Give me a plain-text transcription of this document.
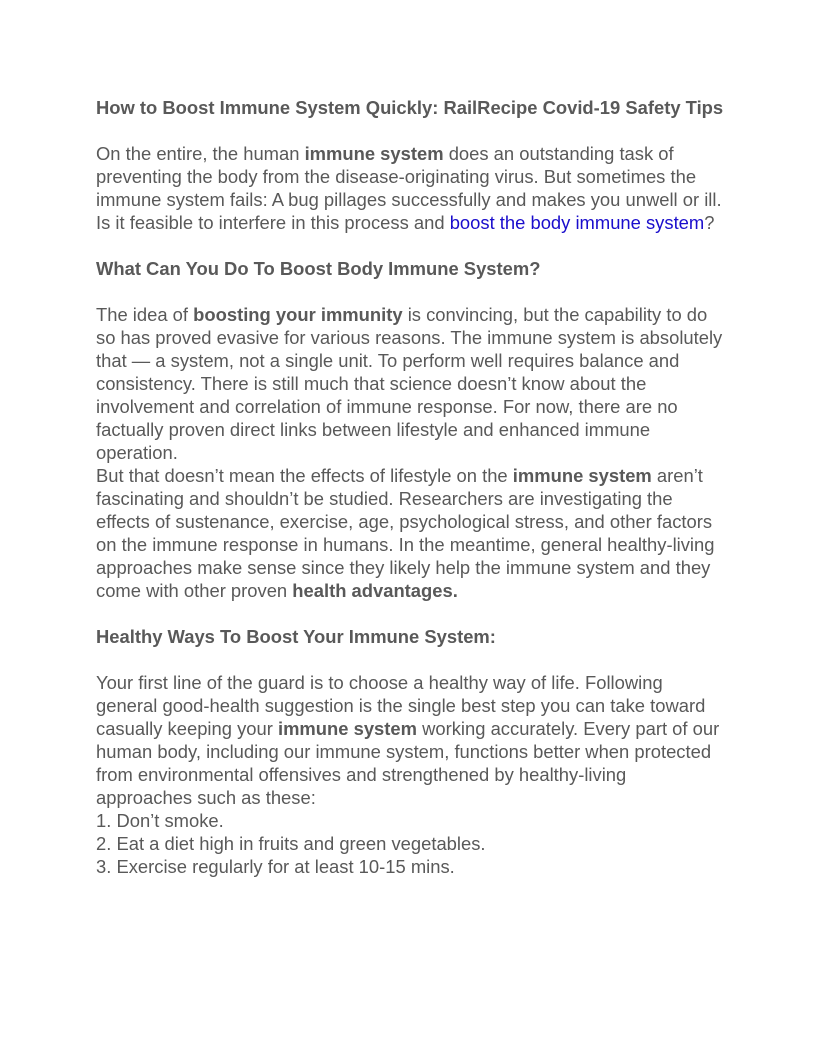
How to Boost Immune System Quickly: RailRecipe Covid-19 Safety Tips

On the entire, the human immune system does an outstanding task of preventing the body from the disease-originating virus. But sometimes the immune system fails: A bug pillages successfully and makes you unwell or ill. Is it feasible to interfere in this process and boost the body immune system?

What Can You Do To Boost Body Immune System?

The idea of boosting your immunity is convincing, but the capability to do so has proved evasive for various reasons. The immune system is absolutely that — a system, not a single unit. To perform well requires balance and consistency. There is still much that science doesn’t know about the involvement and correlation of immune response. For now, there are no factually proven direct links between lifestyle and enhanced immune operation.

But that doesn’t mean the effects of lifestyle on the immune system aren’t fascinating and shouldn’t be studied. Researchers are investigating the effects of sustenance, exercise, age, psychological stress, and other factors on the immune response in humans. In the meantime, general healthy-living approaches make sense since they likely help the immune system and they come with other proven health advantages.

Healthy Ways To Boost Your Immune System:

Your first line of the guard is to choose a healthy way of life. Following general good-health suggestion is the single best step you can take toward casually keeping your immune system working accurately. Every part of our human body, including our immune system, functions better when protected from environmental offensives and strengthened by healthy-living approaches such as these:

1. Don’t smoke.

2. Eat a diet high in fruits and green vegetables.

3. Exercise regularly for at least 10-15 mins.
